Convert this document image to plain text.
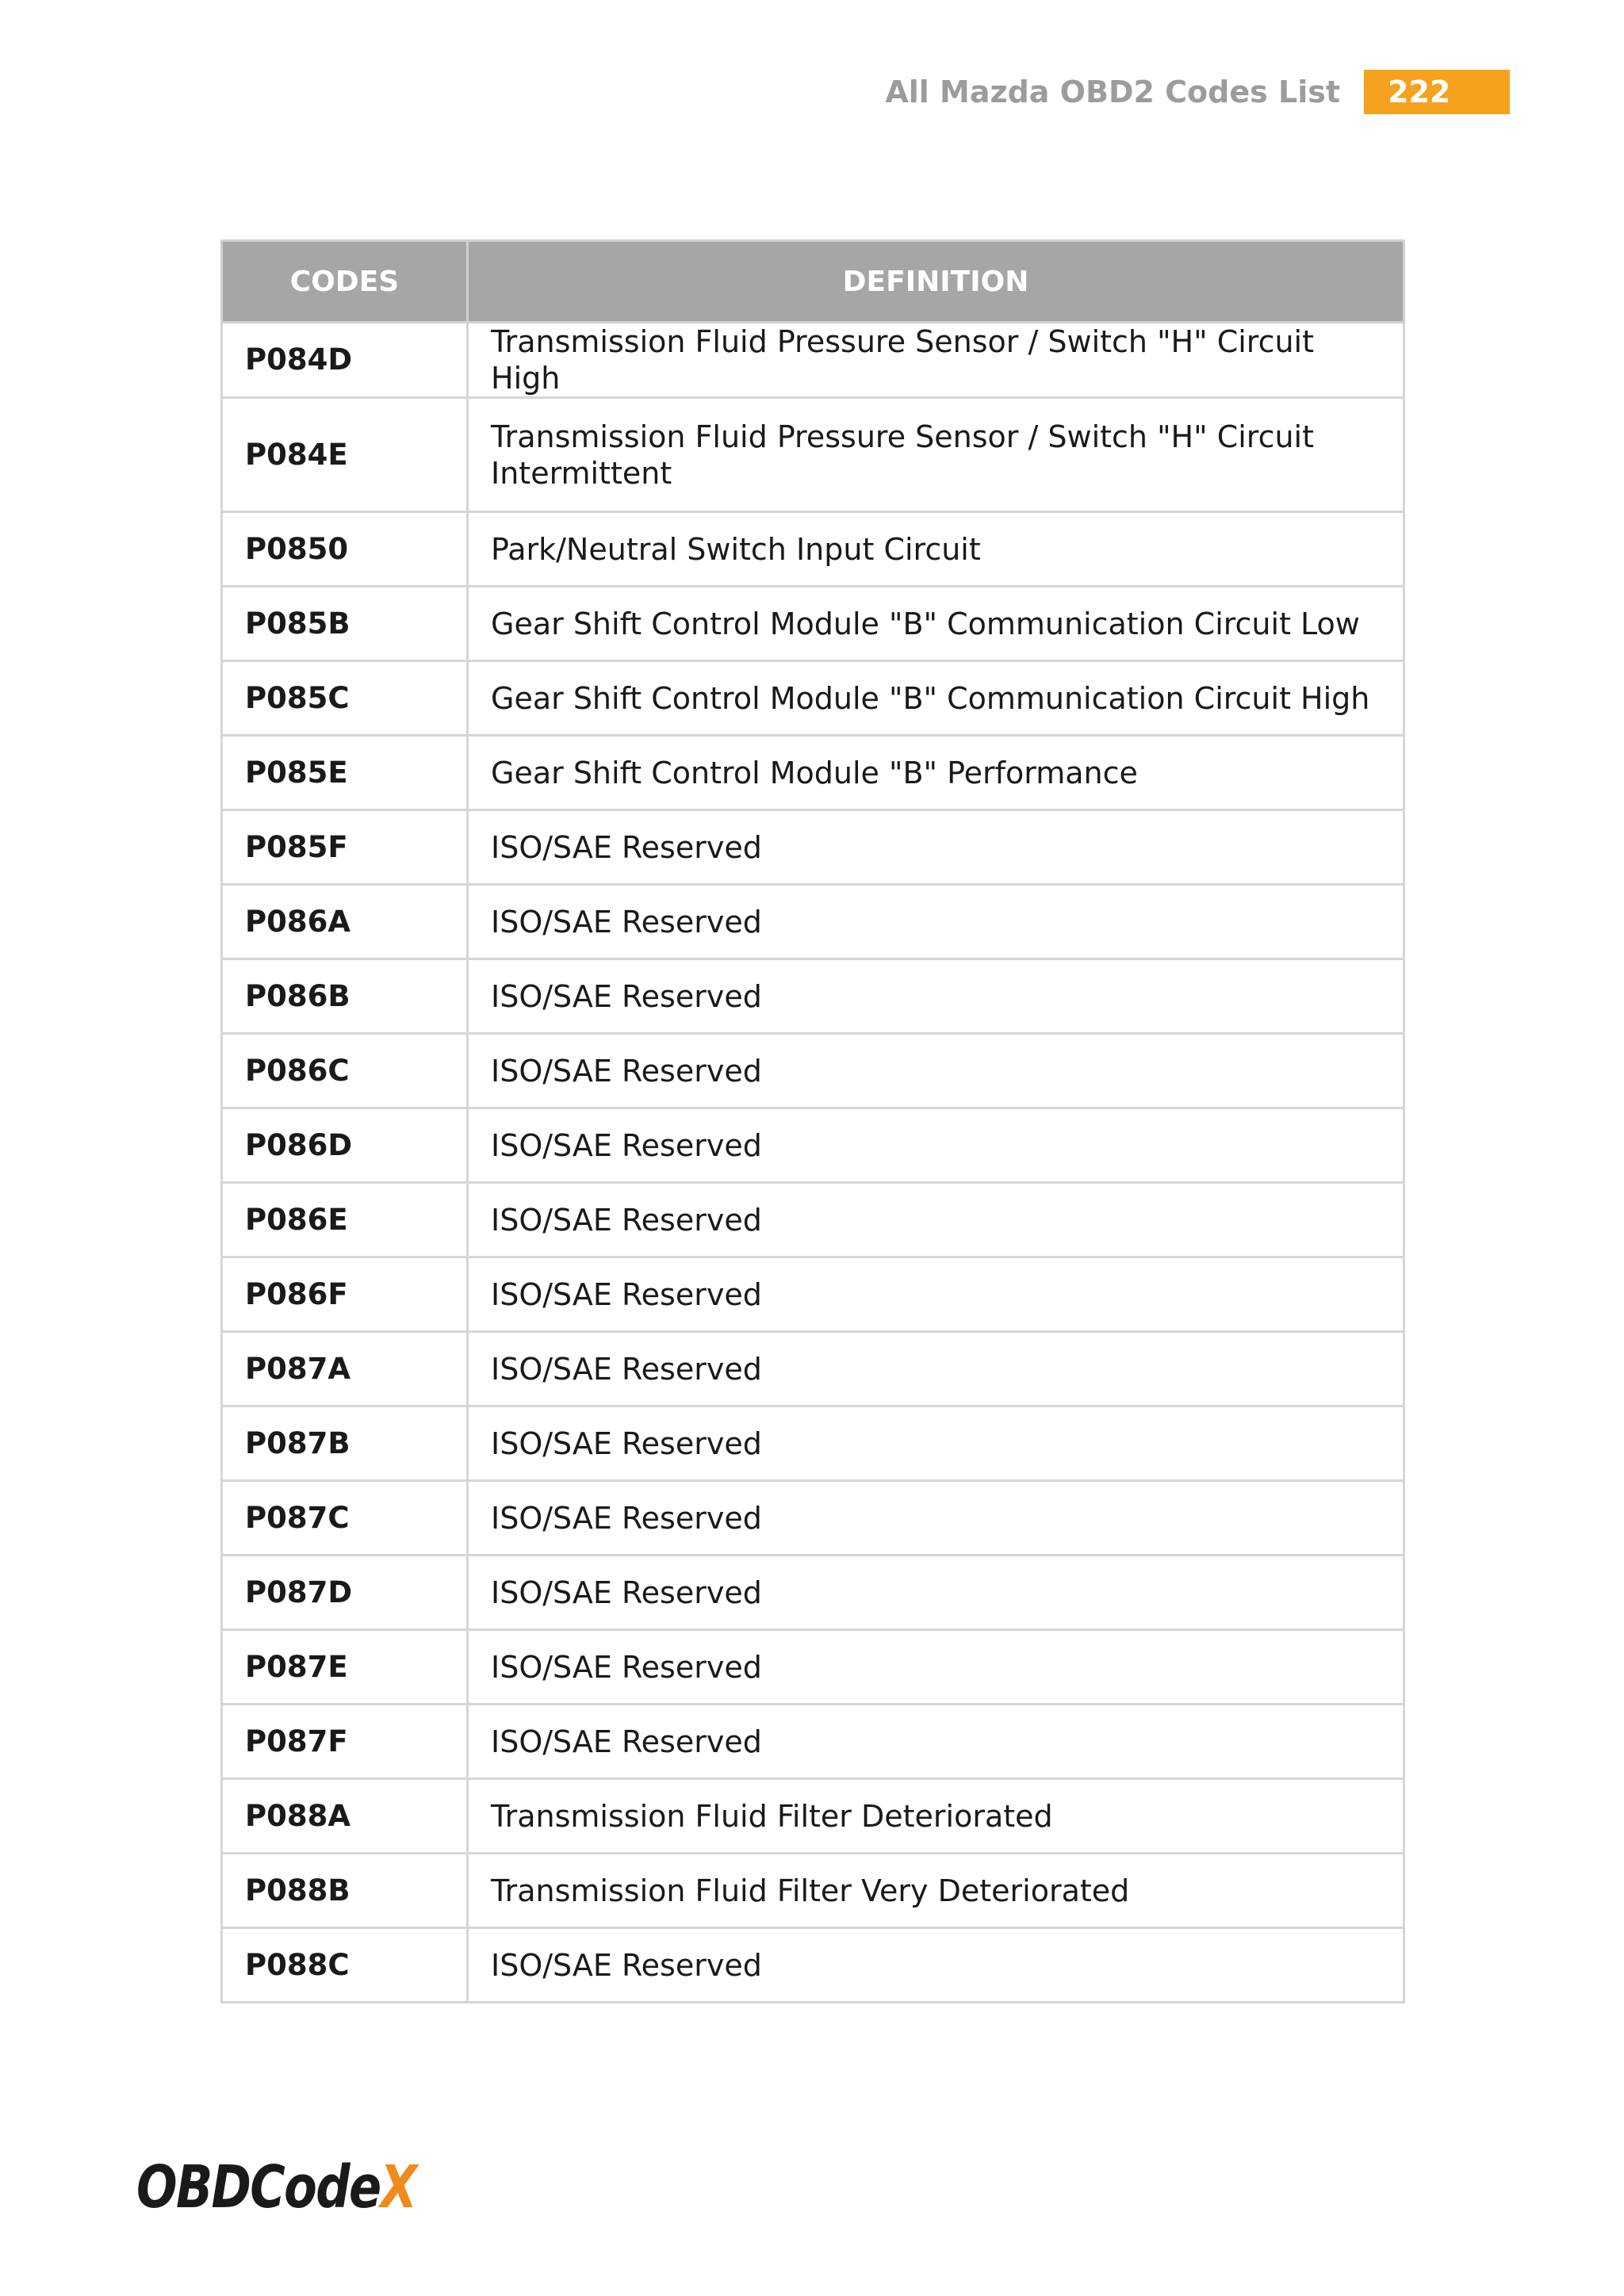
All Mazda OBD2 Codes List	222
CODES	DEFINITION
P084D	Transmission Fluid Pressure Sensor / Switch "H" Circuit High
P084E	Transmission Fluid Pressure Sensor / Switch "H" Circuit Intermittent
P0850	Park/Neutral Switch Input Circuit
P085B	Gear Shift Control Module "B" Communication Circuit Low
P085C	Gear Shift Control Module "B" Communication Circuit High
P085E	Gear Shift Control Module "B" Performance
P085F	ISO/SAE Reserved
P086A	ISO/SAE Reserved
P086B	ISO/SAE Reserved
P086C	ISO/SAE Reserved
P086D	ISO/SAE Reserved
P086E	ISO/SAE Reserved
P086F	ISO/SAE Reserved
P087A	ISO/SAE Reserved
P087B	ISO/SAE Reserved
P087C	ISO/SAE Reserved
P087D	ISO/SAE Reserved
P087E	ISO/SAE Reserved
P087F	ISO/SAE Reserved
P088A	Transmission Fluid Filter Deteriorated
P088B	Transmission Fluid Filter Very Deteriorated
P088C	ISO/SAE Reserved
OBDCodeX
